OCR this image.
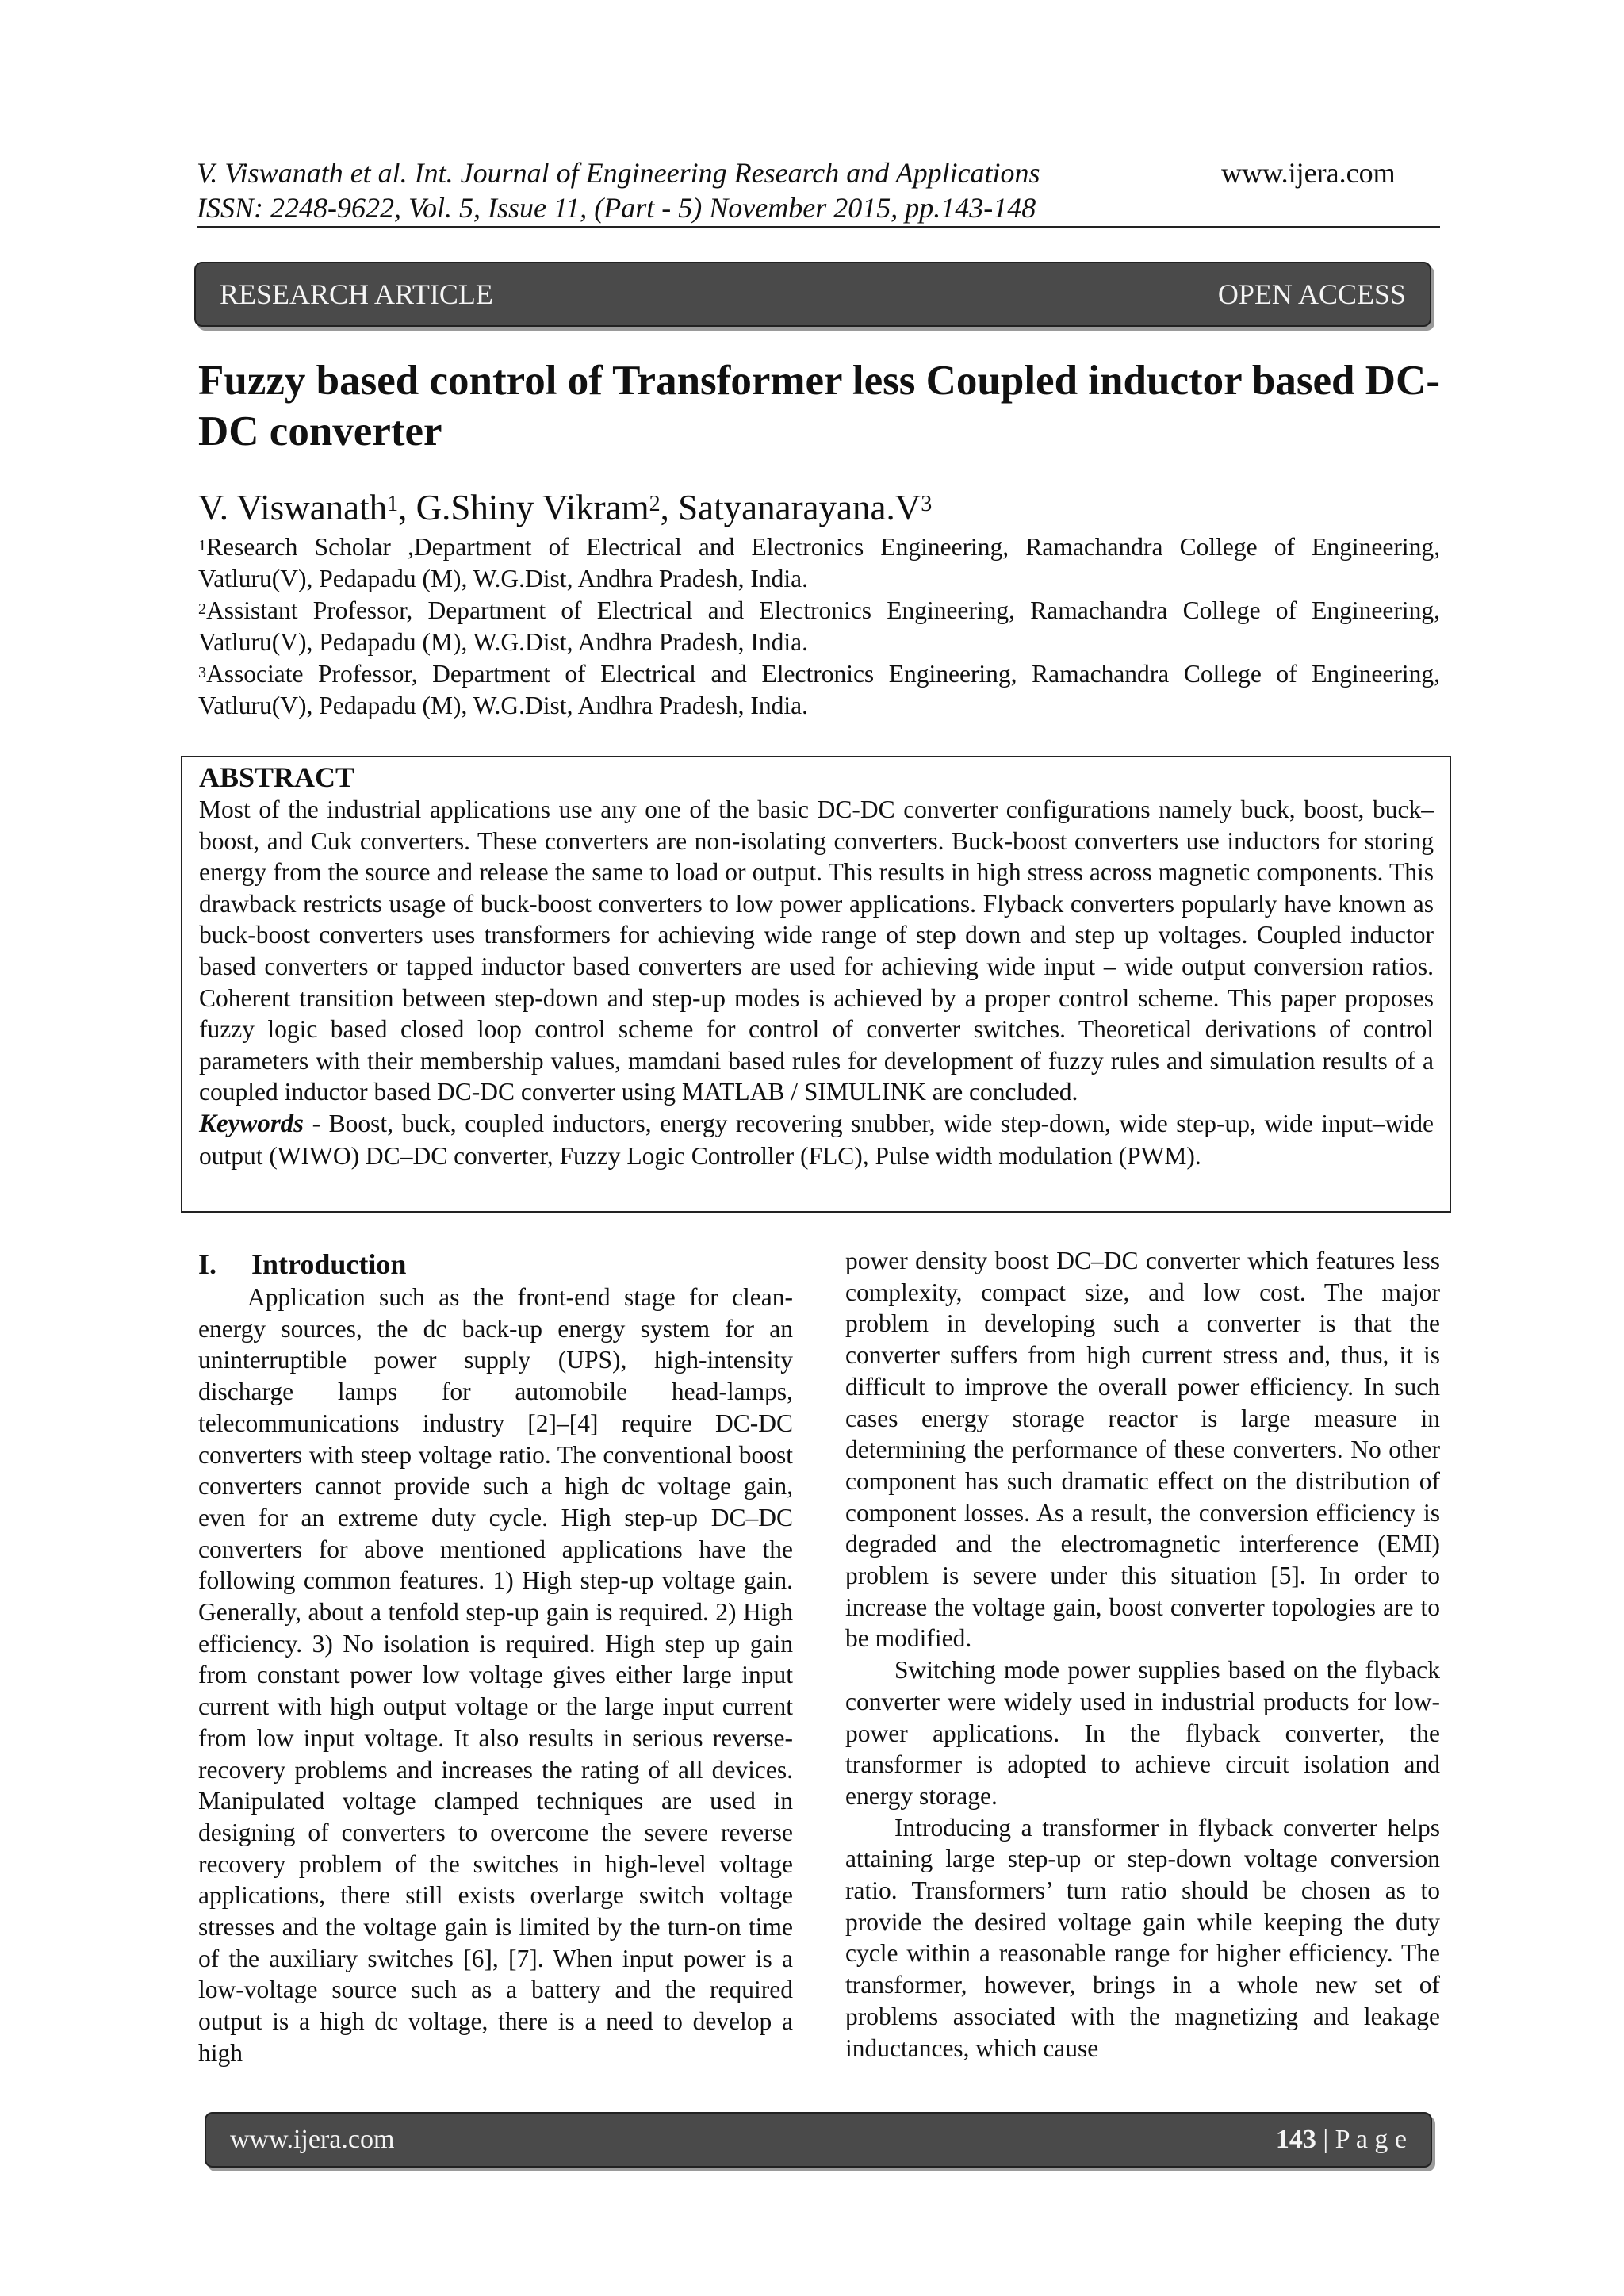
V. Viswanath et al. Int. Journal of Engineering Research and Applications
ISSN: 2248-9622, Vol. 5, Issue 11, (Part - 5) November 2015, pp.143-148
www.ijera.com
RESEARCH ARTICLE	OPEN ACCESS
Fuzzy based control of Transformer less Coupled inductor based DC-DC converter
V. Viswanath$^1$, G.Shiny Vikram$^2$, $Satyanarayana.V^3$

$^1$Research Scholar ,Department of Electrical and Electronics Engineering, Ramachandra College of Engineering, Vatluru(V), Pedapadu (M), W.G.Dist, Andhra Pradesh, India.

$^2$Assistant Professor, Department of Electrical and Electronics Engineering, Ramachandra College of Engineering, Vatluru(V), Pedapadu (M), W.G.Dist, Andhra Pradesh, India.

$^3$Associate Professor, Department of Electrical and Electronics Engineering, Ramachandra College of Engineering, Vatluru(V), Pedapadu (M), W.G.Dist, Andhra Pradesh, India.

ABSTRACT

Most of the industrial applications use any one of the basic DC-DC converter configurations namely buck, boost, buck–boost, and Cuk converters. These converters are non-isolating converters. Buck-boost converters use inductors for storing energy from the source and release the same to load or output. This results in high stress across magnetic components. This drawback restricts usage of buck-boost converters to low power applications. Flyback converters popularly have known as buck-boost converters uses transformers for achieving wide range of step down and step up voltages. Coupled inductor based converters or tapped inductor based converters are used for achieving wide input – wide output conversion ratios. Coherent transition between step-down and step-up modes is achieved by a proper control scheme. This paper proposes fuzzy logic based closed loop control scheme for control of converter switches. Theoretical derivations of control parameters with their membership values, mamdani based rules for development of fuzzy rules and simulation results of a coupled inductor based DC-DC converter using MATLAB / SIMULINK are concluded.

Keywords - Boost, buck, coupled inductors, energy recovering snubber, wide step-down, wide step-up, wide input–wide output (WIWO) DC–DC converter, Fuzzy Logic Controller (FLC), Pulse width modulation (PWM).

I. Introduction

Application such as the front-end stage for clean-energy sources, the dc back-up energy system for an uninterruptible power supply (UPS), high-intensity discharge lamps for automobile head-lamps, telecommunications industry [2]–[4] require DC-DC converters with steep voltage ratio. The conventional boost converters cannot provide such a high dc voltage gain, even for an extreme duty cycle. High step-up DC–DC converters for above mentioned applications have the following common features. 1) High step-up voltage gain. Generally, about a tenfold step-up gain is required. 2) High efficiency. 3) No isolation is required. High step up gain from constant power low voltage gives either large input current with high output voltage or the large input current from low input voltage. It also results in serious reverse-recovery problems and increases the rating of all devices. Manipulated voltage clamped techniques are used in designing of converters to overcome the severe reverse recovery problem of the switches in high-level voltage applications, there still exists overlarge switch voltage stresses and the voltage gain is limited by the turn-on time of the auxiliary switches [6], [7]. When input power is a low-voltage source such as a battery and the required output is a high dc voltage, there is a need to develop a high

power density boost DC–DC converter which features less complexity, compact size, and low cost. The major problem in developing such a converter is that the converter suffers from high current stress and, thus, it is difficult to improve the overall power efficiency. In such cases energy storage reactor is large measure in determining the performance of these converters. No other component has such dramatic effect on the distribution of component losses. As a result, the conversion efficiency is degraded and the electromagnetic interference (EMI) problem is severe under this situation [5]. In order to increase the voltage gain, boost converter topologies are to be modified.

Switching mode power supplies based on the flyback converter were widely used in industrial products for low-power applications. In the flyback converter, the transformer is adopted to achieve circuit isolation and energy storage.

Introducing a transformer in flyback converter helps attaining large step-up or step-down voltage conversion ratio. Transformers’ turn ratio should be chosen as to provide the desired voltage gain while keeping the duty cycle within a reasonable range for higher efficiency. The transformer, however, brings in a whole new set of problems associated with the magnetizing and leakage inductances, which cause

www.ijera.com	143 | P a g e
